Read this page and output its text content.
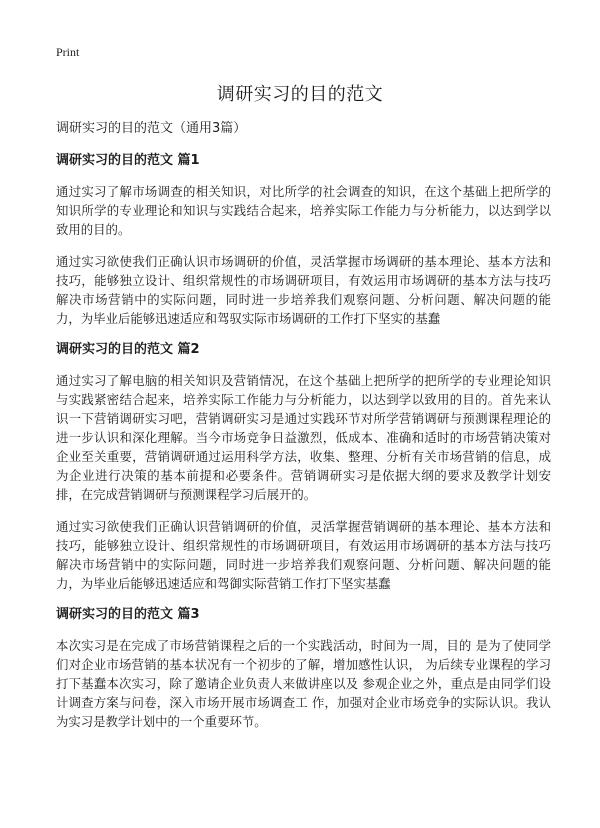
Print
调研实习的目的范文

调研实习的目的范文（通用3篇）

调研实习的目的范文 篇1

通过实习了解市场调查的相关知识，对比所学的社会调查的知识，在这个基础上把所学的知识所学的专业理论和知识与实践结合起来，培养实际工作能力与分析能力，以达到学以致用的目的。

通过实习欲使我们正确认识市场调研的价值，灵活掌握市场调研的基本理论、基本方法和技巧，能够独立设计、组织常规性的市场调研项目，有效运用市场调研的基本方法与技巧解决市场营销中的实际问题，同时进一步培养我们观察问题、分析问题、解决问题的能力，为毕业后能够迅速适应和驾驭实际市场调研的工作打下坚实的基蠢

调研实习的目的范文 篇2

通过实习了解电脑的相关知识及营销情况，在这个基础上把所学的把所学的专业理论知识与实践紧密结合起来，培养实际工作能力与分析能力，以达到学以致用的目的。首先来认识一下营销调研实习吧，营销调研实习是通过实践环节对所学营销调研与预测课程理论的进一步认识和深化理解。当今市场竞争日益激烈，低成本、准确和适时的市场营销决策对企业至关重要，营销调研通过运用科学方法，收集、整理、分析有关市场营销的信息，成为企业进行决策的基本前提和必要条件。营销调研实习是依据大纲的要求及教学计划安排，在完成营销调研与预测课程学习后展开的。

通过实习欲使我们正确认识营销调研的价值，灵活掌握营销调研的基本理论、基本方法和技巧，能够独立设计、组织常规性的市场调研项目，有效运用市场调研的基本方法与技巧解决市场营销中的实际问题，同时进一步培养我们观察问题、分析问题、解决问题的能力，为毕业后能够迅速适应和驾御实际营销工作打下坚实基蠢

调研实习的目的范文 篇3

本次实习是在完成了市场营销课程之后的一个实践活动，时间为一周，目的 是为了使同学们对企业市场营销的基本状况有一个初步的了解，增加感性认识， 为后续专业课程的学习打下基蠢本次实习，除了邀请企业负责人来做讲座以及 参观企业之外，重点是由同学们设计调查方案与问卷，深入市场开展市场调查工 作，加强对企业市场竞争的实际认识。我认为实习是教学计划中的一个重要环节。
